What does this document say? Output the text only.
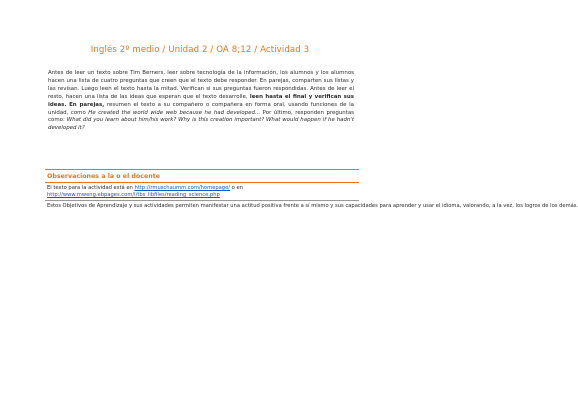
Inglés 2º medio / Unidad 2 / OA 8;12 / Actividad 3
Antes de leer un texto sobre Tim Berners, leer sobre tecnología de la información, los alumnos y los alumnos hacen una lista de cuatro preguntas que creen que el texto debe responder. En parejas, comparten sus listas y las revisan. Luego leen el texto hasta la mitad. Verifican si sus preguntas fueron respondidas. Antes de leer el resto, hacen una lista de las ideas que esperan que el texto desarrolle, leen hasta el final y verifican sus ideas. En parejas, resumen el texto a su compañero o compañera en forma oral, usando funciones de la unidad, como He created the world wide web because he had developed... Por último, responden preguntas como: What did you learn about him/his work? Why is this creation important? What would happen if he hadn't developed it?
Observaciones a la o el docente
El texto para la actividad está en http://rmuschaumm.com/homepage/ o en
http://www.mweng.ebpages.com/l/tbs_libfiles/reading_science.php
Estos Objetivos de Aprendizaje y sus actividades permiten manifestar una actitud positiva frente a sí mismo y sus capacidades para aprender y usar el idioma, valorando, a la vez, los logros de los demás.
